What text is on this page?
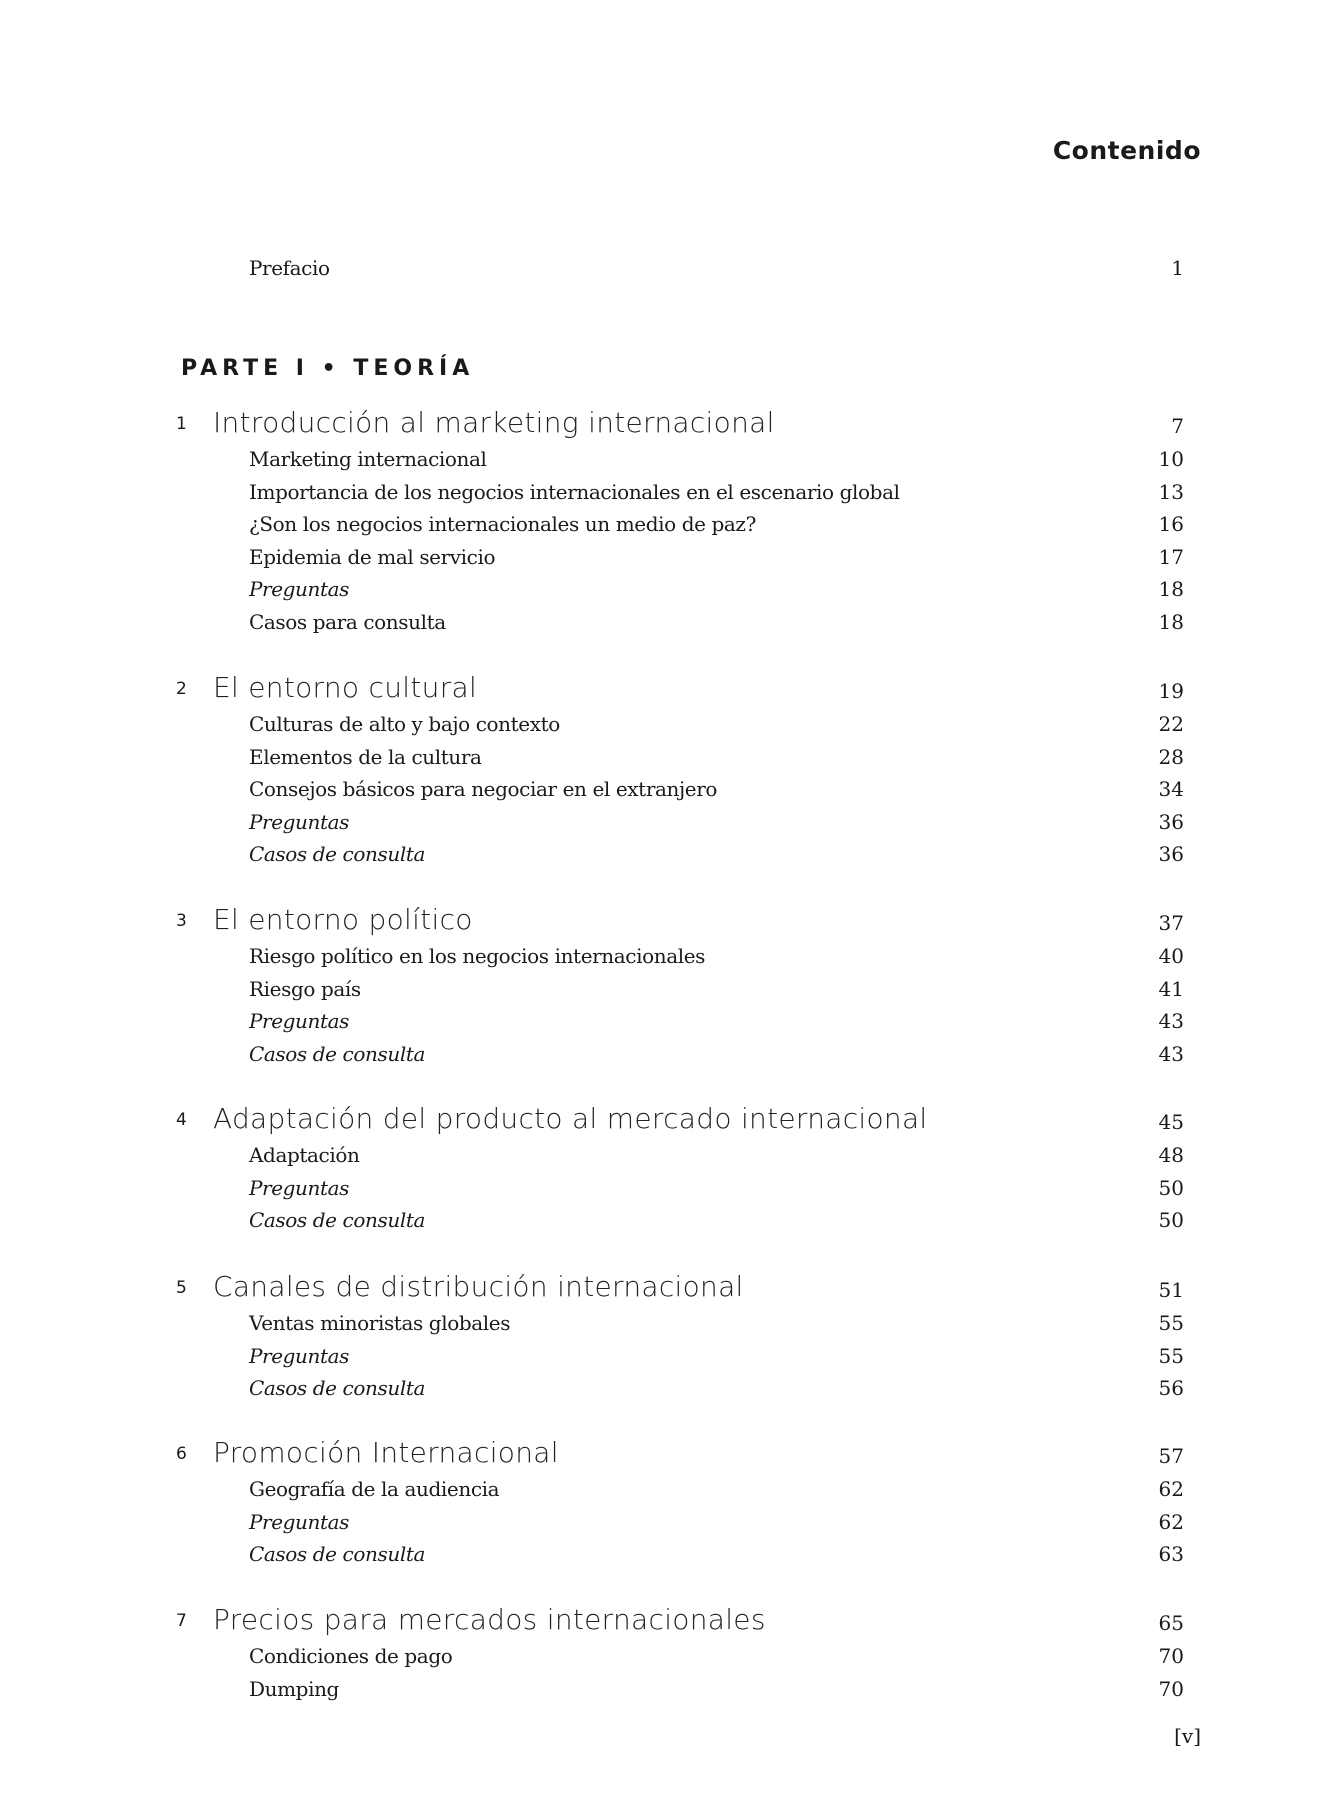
Contenido
Prefacio	1
PARTE I • TEORÍA
1 Introducción al marketing internacional	7
Marketing internacional	10
Importancia de los negocios internacionales en el escenario global	13
¿Son los negocios internacionales un medio de paz?	16
Epidemia de mal servicio	17
Preguntas	18
Casos para consulta	18
2 El entorno cultural	19
Culturas de alto y bajo contexto	22
Elementos de la cultura	28
Consejos básicos para negociar en el extranjero	34
Preguntas	36
Casos de consulta	36
3 El entorno político	37
Riesgo político en los negocios internacionales	40
Riesgo país	41
Preguntas	43
Casos de consulta	43
4 Adaptación del producto al mercado internacional	45
Adaptación	48
Preguntas	50
Casos de consulta	50
5 Canales de distribución internacional	51
Ventas minoristas globales	55
Preguntas	55
Casos de consulta	56
6 Promoción Internacional	57
Geografía de la audiencia	62
Preguntas	62
Casos de consulta	63
7 Precios para mercados internacionales	65
Condiciones de pago	70
Dumping	70
[v]
